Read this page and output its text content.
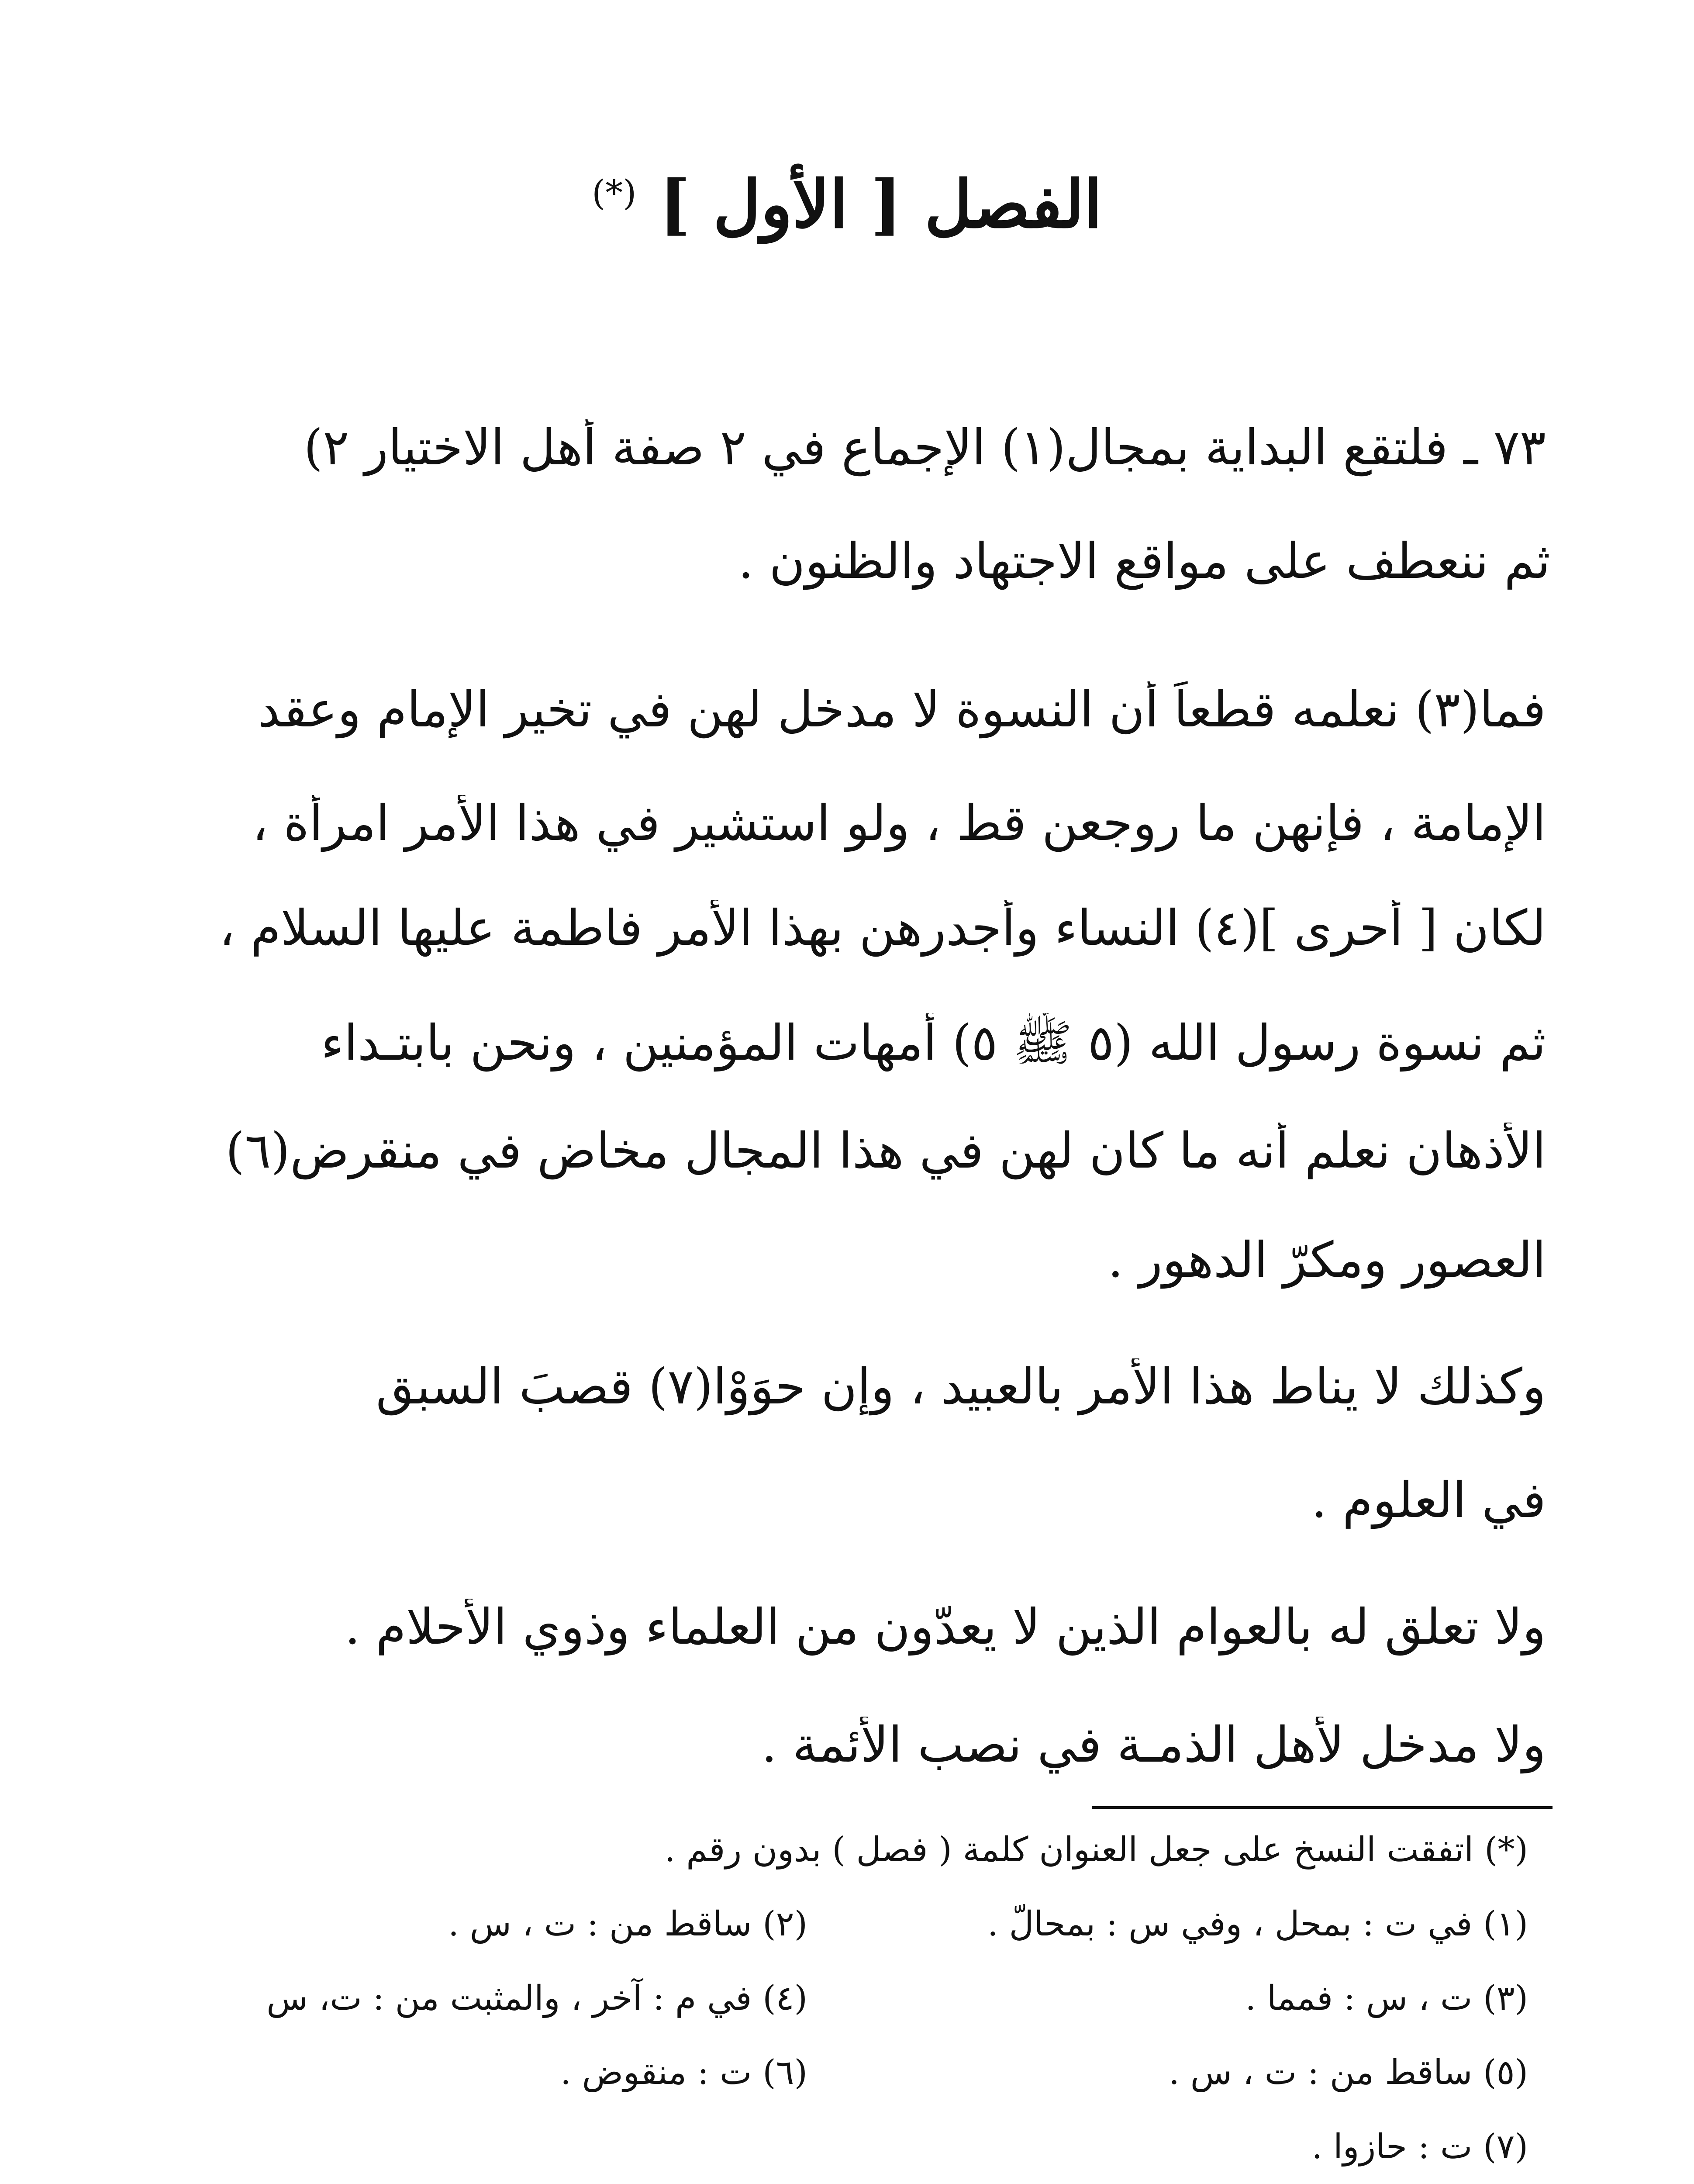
الفصل [ الأول ] (*)
٧٣ ـ فلتقع البداية بمجال(١) الإجماع في ٢ صفة أهل الاختيار ٢)
ثم ننعطف على مواقع الاجتهاد والظنون .
فما(٣) نعلمه قطعاً أن النسوة لا مدخل لهن في تخير الإمام وعقد
الإمامة ، فإنهن ما روجعن قط ، ولو استشير في هذا الأمر امرأة ،
لكان [ أحرى ](٤) النساء وأجدرهن بهذا الأمر فاطمة عليها السلام ،
ثم نسوة رسول الله (٥ ﷺ ٥) أمهات المؤمنين ، ونحن بابتـداء
الأذهان نعلم أنه ما كان لهن في هذا المجال مخاض في منقرض(٦)
العصور ومكرّ الدهور .
وكذلك لا يناط هذا الأمر بالعبيد ، وإن حوَوْا(٧) قصبَ السبق
في العلوم .
ولا تعلق له بالعوام الذين لا يعدّون من العلماء وذوي الأحلام .
ولا مدخل لأهل الذمـة في نصب الأئمة .
(*) اتفقت النسخ على جعل العنوان كلمة ( فصل ) بدون رقم .
(١) في ت : بمحل ، وفي س : بمحالّ .
(٢) ساقط من : ت ، س .
(٣) ت ، س : فمما .
(٤) في م : آخر ، والمثبت من : ت، س
(٥) ساقط من : ت ، س .
(٦) ت : منقوض .
(٧) ت : حازوا .
